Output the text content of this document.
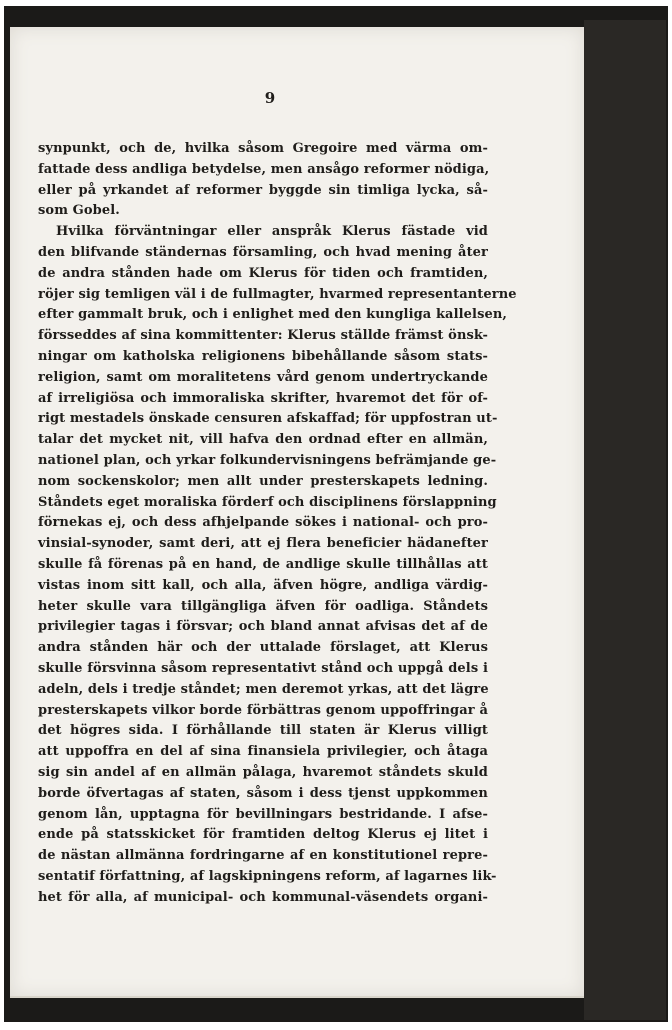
9
synpunkt, och de, hvilka såsom Gregoire med värma om-
fattade dess andliga betydelse, men ansågo reformer nödiga,
eller på yrkandet af reformer byggde sin timliga lycka, så-
som Gobel.
Hvilka förväntningar eller anspråk Klerus fästade vid
den blifvande ständernas församling, och hvad mening åter
de andra stånden hade om Klerus för tiden och framtiden,
röjer sig temligen väl i de fullmagter, hvarmed representanterne
efter gammalt bruk, och i enlighet med den kungliga kallelsen,
försseddes af sina kommittenter: Klerus ställde främst önsk-
ningar om katholska religionens bibehållande såsom stats-
religion, samt om moralitetens vård genom undertryckande
af irreligiösa och immoraliska skrifter, hvaremot det för of-
rigt mestadels önskade censuren afskaffad; för uppfostran ut-
talar det mycket nit, vill hafva den ordnad efter en allmän,
nationel plan, och yrkar folkundervisningens befrämjande ge-
nom sockenskolor; men allt under presterskapets ledning.
Ståndets eget moraliska förderf och disciplinens förslappning
förnekas ej, och dess afhjelpande sökes i national- och pro-
vinsial-synoder, samt deri, att ej flera beneficier hädanefter
skulle få förenas på en hand, de andlige skulle tillhållas att
vistas inom sitt kall, och alla, äfven högre, andliga värdig-
heter skulle vara tillgängliga äfven för oadliga. Ståndets
privilegier tagas i försvar; och bland annat afvisas det af de
andra stånden här och der uttalade förslaget, att Klerus
skulle försvinna såsom representativt stånd och uppgå dels i
adeln, dels i tredje ståndet; men deremot yrkas, att det lägre
presterskapets vilkor borde förbättras genom uppoffringar å
det högres sida. I förhållande till staten är Klerus villigt
att uppoffra en del af sina finansiela privilegier, och åtaga
sig sin andel af en allmän pålaga, hvaremot ståndets skuld
borde öfvertagas af staten, såsom i dess tjenst uppkommen
genom lån, upptagna för bevillningars bestridande. I afse-
ende på statsskicket för framtiden deltog Klerus ej litet i
de nästan allmänna fordringarne af en konstitutionel repre-
sentatif författning, af lagskipningens reform, af lagarnes lik-
het för alla, af municipal- och kommunal-väsendets organi-
